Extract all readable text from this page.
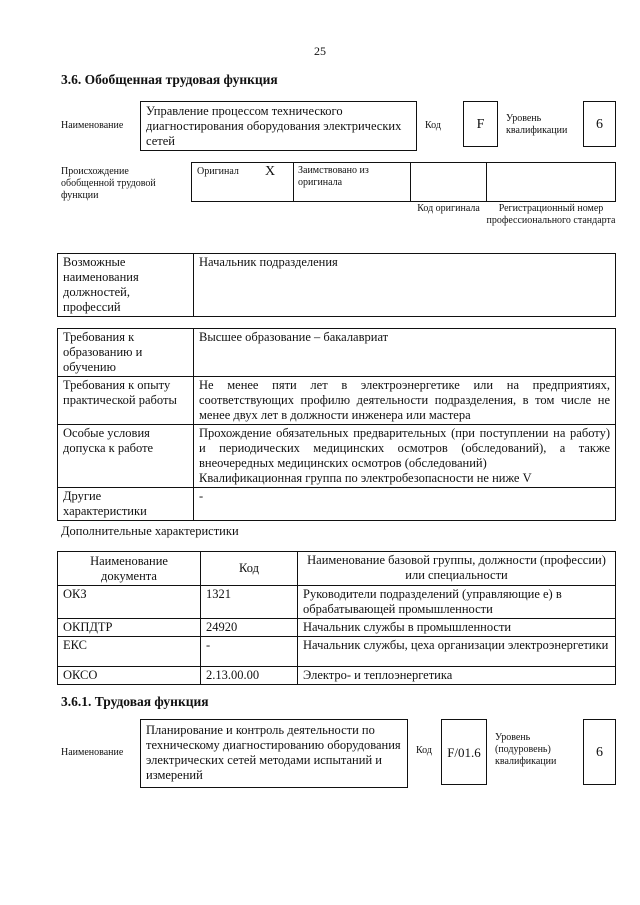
25
3.6. Обобщенная трудовая функция
Наименование
Управление процессом технического диагностирования оборудования электрических сетей
Код	F	Уровень квалификации	6
Происхождение обобщенной трудовой функции
Оригинал X Заимствовано из оригинала
Код оригинала	Регистрационный номер профессионального стандарта
Возможные наименования должностей, профессий	Начальник подразделения
Требования к образованию и обучению	Высшее образование – бакалавриат
Требования к опыту практической работы	Не менее пяти лет в электроэнергетике или на предприятиях, соответствующих профилю деятельности подразделения, в том числе не менее двух лет в должности инженера или мастера
Особые условия допуска к работе	Прохождение обязательных предварительных (при поступлении на работу) и периодических медицинских осмотров (обследований), а также внеочередных медицинских осмотров (обследований)
Квалификационная группа по электробезопасности не ниже V

Другие характеристики	-
Дополнительные характеристики
Наименование документа	Код	Наименование базовой группы, должности (профессии) или специальности
ОКЗ	1321	Руководители подразделений (управляющие е) в обрабатывающей промышленности
ОКПДТР	24920	Начальник службы в промышленности
ЕКС	-	Начальник службы, цеха организации электроэнергетики
ОКСО	2.13.00.00	Электро- и теплоэнергетика
3.6.1. Трудовая функция
Наименование
Планирование и контроль деятельности по техническому диагностированию оборудования электрических сетей методами испытаний и измерений
Код	F/01.6
Уровень (подуровень) квалификации
6
